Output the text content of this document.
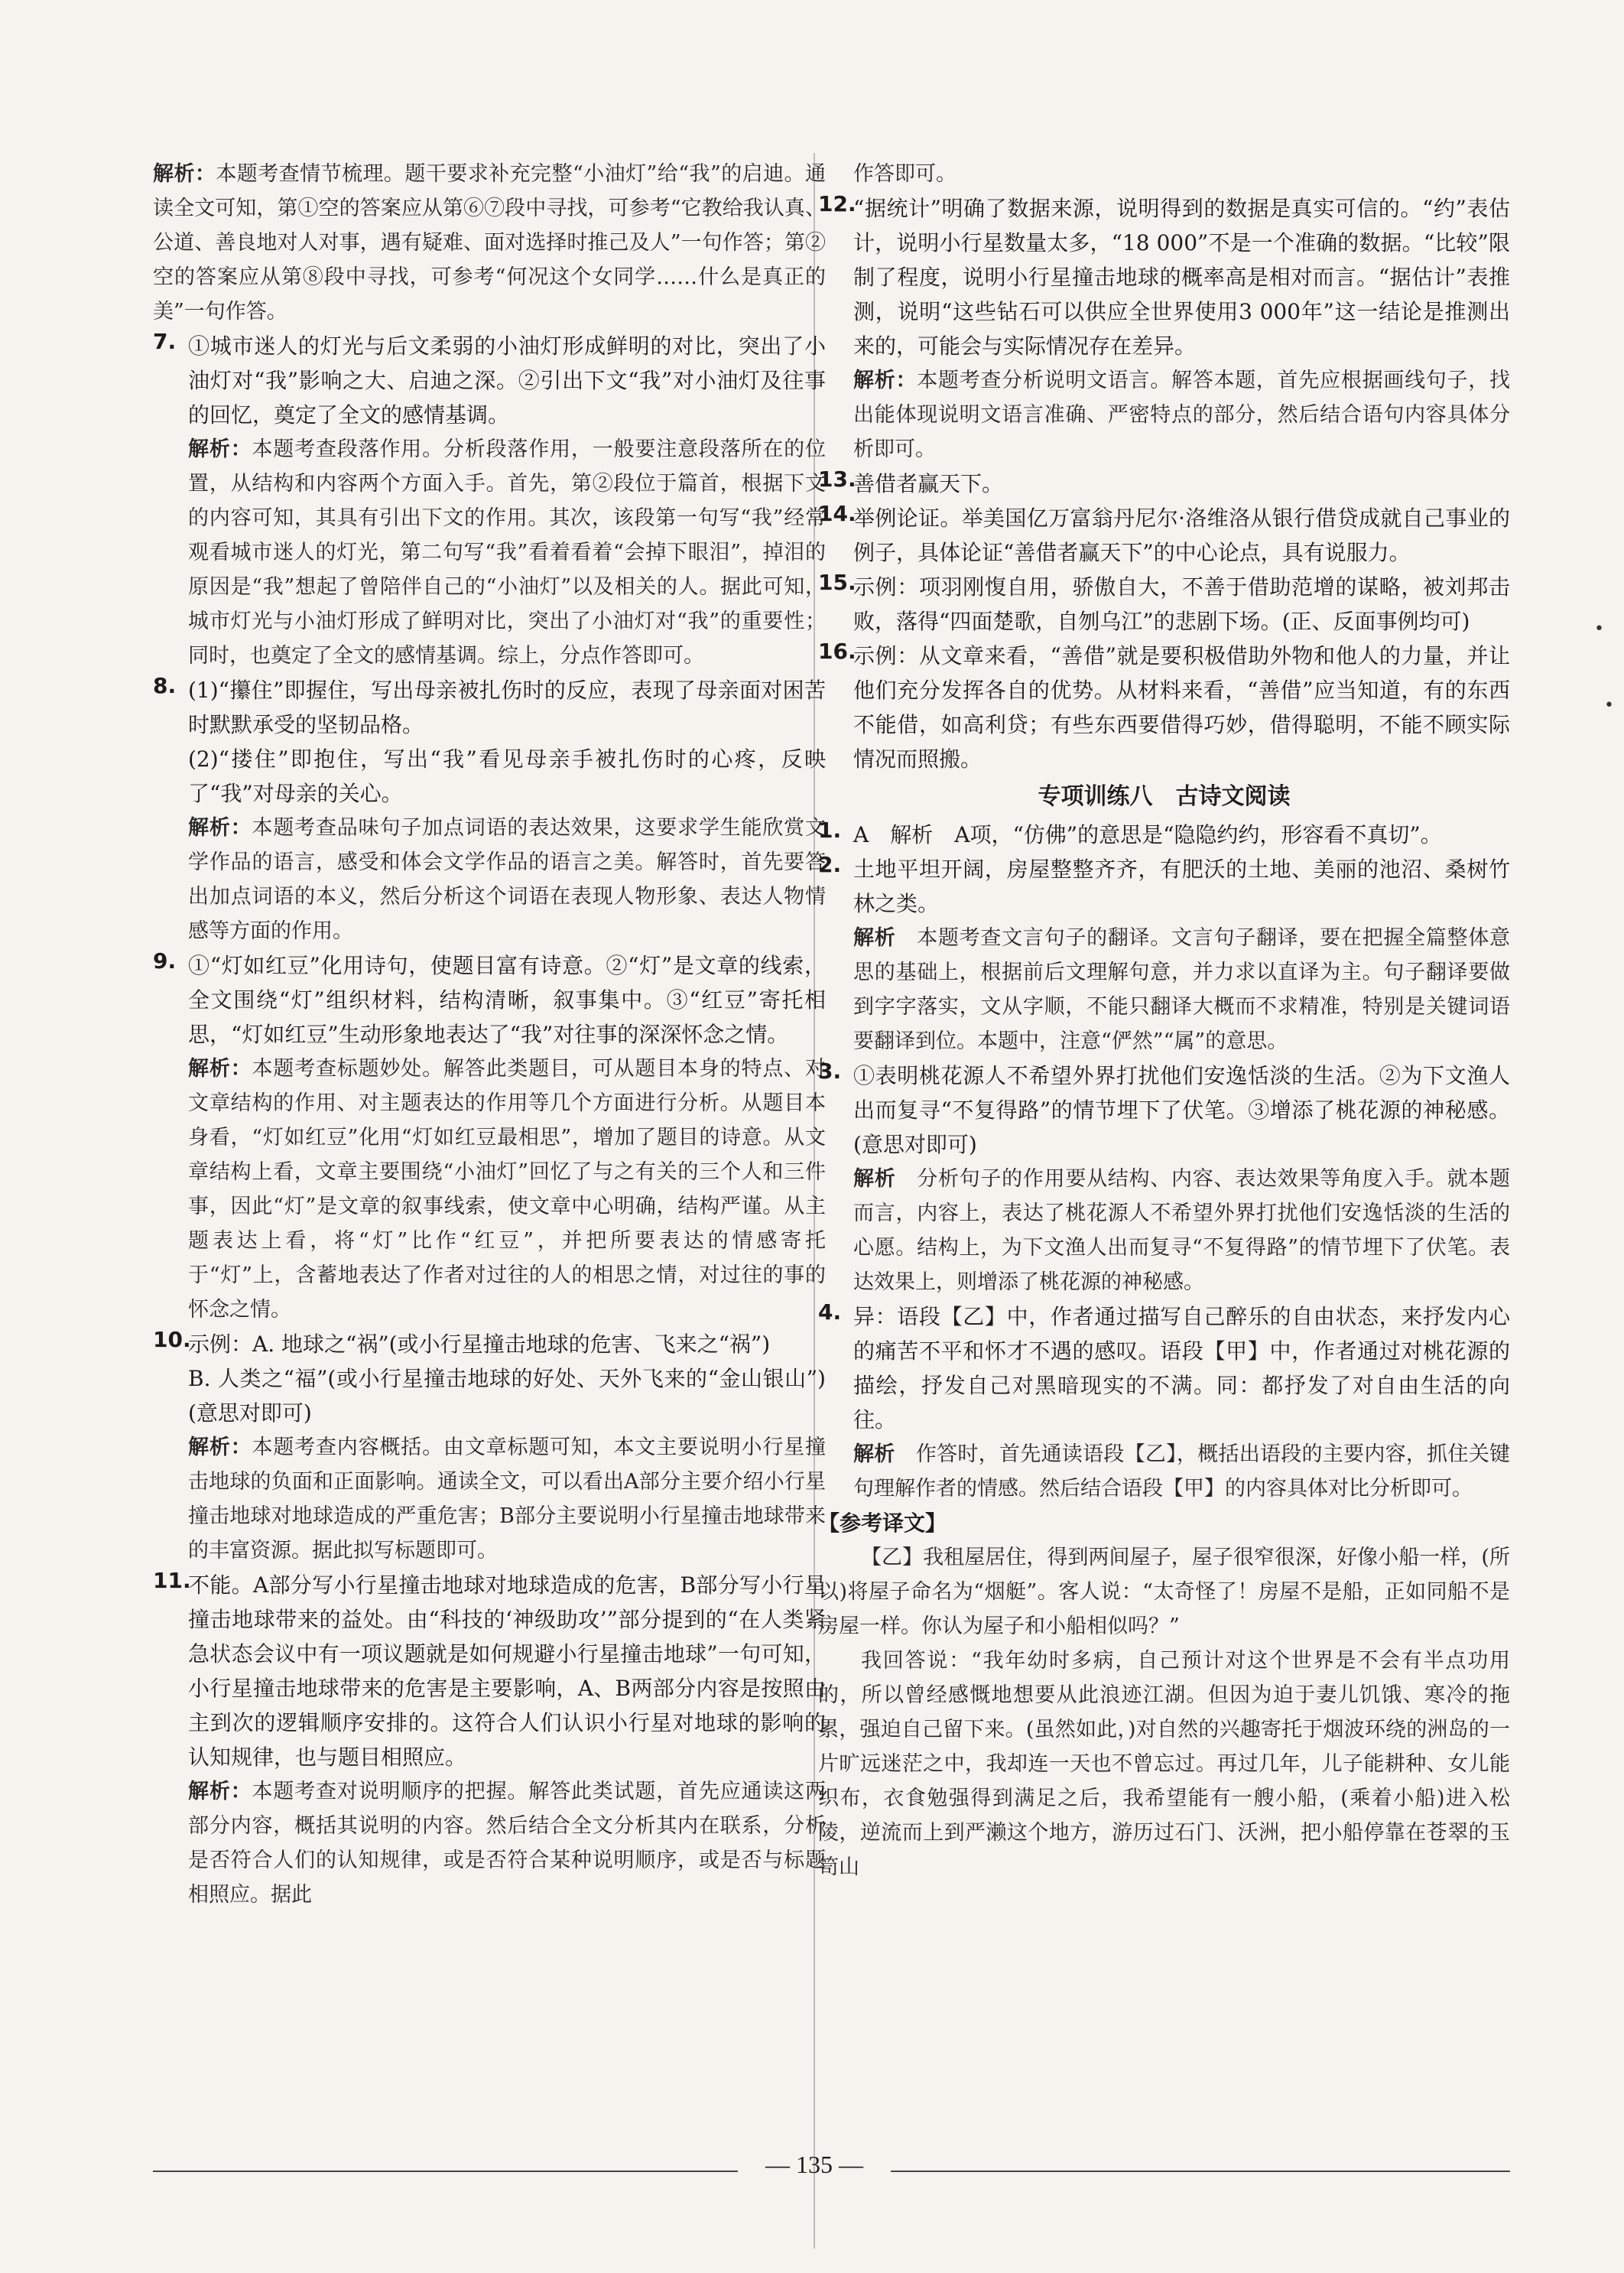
解析：本题考查情节梳理。题干要求补充完整“小油灯”给“我”的启迪。通读全文可知，第①空的答案应从第⑥⑦段中寻找，可参考“它教给我认真、公道、善良地对人对事，遇有疑难、面对选择时推己及人”一句作答；第②空的答案应从第⑧段中寻找，可参考“何况这个女同学……什么是真正的美”一句作答。

7. ①城市迷人的灯光与后文柔弱的小油灯形成鲜明的对比，突出了小油灯对“我”影响之大、启迪之深。②引出下文“我”对小油灯及往事的回忆，奠定了全文的感情基调。

解析：本题考查段落作用。分析段落作用，一般要注意段落所在的位置，从结构和内容两个方面入手。首先，第②段位于篇首，根据下文的内容可知，其具有引出下文的作用。其次，该段第一句写“我”经常观看城市迷人的灯光，第二句写“我”看着看着“会掉下眼泪”，掉泪的原因是“我”想起了曾陪伴自己的“小油灯”以及相关的人。据此可知，城市灯光与小油灯形成了鲜明对比，突出了小油灯对“我”的重要性；同时，也奠定了全文的感情基调。综上，分点作答即可。

8. (1)“攥住”即握住，写出母亲被扎伤时的反应，表现了母亲面对困苦时默默承受的坚韧品格。

(2)“搂住”即抱住，写出“我”看见母亲手被扎伤时的心疼，反映了“我”对母亲的关心。

解析：本题考查品味句子加点词语的表达效果，这要求学生能欣赏文学作品的语言，感受和体会文学作品的语言之美。解答时，首先要答出加点词语的本义，然后分析这个词语在表现人物形象、表达人物情感等方面的作用。

9. ①“灯如红豆”化用诗句，使题目富有诗意。②“灯”是文章的线索，全文围绕“灯”组织材料，结构清晰，叙事集中。③“红豆”寄托相思，“灯如红豆”生动形象地表达了“我”对往事的深深怀念之情。

解析：本题考查标题妙处。解答此类题目，可从题目本身的特点、对文章结构的作用、对主题表达的作用等几个方面进行分析。从题目本身看，“灯如红豆”化用“灯如红豆最相思”，增加了题目的诗意。从文章结构上看，文章主要围绕“小油灯”回忆了与之有关的三个人和三件事，因此“灯”是文章的叙事线索，使文章中心明确，结构严谨。从主题表达上看，将“灯”比作“红豆”，并把所要表达的情感寄托于“灯”上，含蓄地表达了作者对过往的人的相思之情，对过往的事的怀念之情。

10.

示例：A. 地球之“祸”(或小行星撞击地球的危害、飞来之“祸”)

B. 人类之“福”(或小行星撞击地球的好处、天外飞来的“金山银山”)(意思对即可)

解析：本题考查内容概括。由文章标题可知，本文主要说明小行星撞击地球的负面和正面影响。通读全文，可以看出A部分主要介绍小行星撞击地球对地球造成的严重危害；B部分主要说明小行星撞击地球带来的丰富资源。据此拟写标题即可。

11.

不能。A部分写小行星撞击地球对地球造成的危害，B部分写小行星撞击地球带来的益处。由“科技的‘神级助攻’”部分提到的“在人类紧急状态会议中有一项议题就是如何规避小行星撞击地球”一句可知，小行星撞击地球带来的危害是主要影响，A、B两部分内容是按照由主到次的逻辑顺序安排的。这符合人们认识小行星对地球的影响的认知规律，也与题目相照应。

解析：本题考查对说明顺序的把握。解答此类试题，首先应通读这两部分内容，概括其说明的内容。然后结合全文分析其内在联系，分析是否符合人们的认知规律，或是否符合某种说明顺序，或是否与标题相照应。据此

作答即可。

12.

“据统计”明确了数据来源，说明得到的数据是真实可信的。“约”表估计，说明小行星数量太多，“18 000”不是一个准确的数据。“比较”限制了程度，说明小行星撞击地球的概率高是相对而言。“据估计”表推测，说明“这些钻石可以供应全世界使用3 000年”这一结论是推测出来的，可能会与实际情况存在差异。

解析：本题考查分析说明文语言。解答本题，首先应根据画线句子，找出能体现说明文语言准确、严密特点的部分，然后结合语句内容具体分析即可。

13.

善借者赢天下。

14.

举例论证。举美国亿万富翁丹尼尔·洛维洛从银行借贷成就自己事业的例子，具体论证“善借者赢天下”的中心论点，具有说服力。

15.

示例：项羽刚愎自用，骄傲自大，不善于借助范增的谋略，被刘邦击败，落得“四面楚歌，自刎乌江”的悲剧下场。(正、反面事例均可)

16.

示例：从文章来看，“善借”就是要积极借助外物和他人的力量，并让他们充分发挥各自的优势。从材料来看，“善借”应当知道，有的东西不能借，如高利贷；有些东西要借得巧妙，借得聪明，不能不顾实际情况而照搬。

专项训练八　古诗文阅读

1. A　解析　A项，“仿佛”的意思是“隐隐约约，形容看不真切”。

2. 土地平坦开阔，房屋整整齐齐，有肥沃的土地、美丽的池沼、桑树竹林之类。

解析　本题考查文言句子的翻译。文言句子翻译，要在把握全篇整体意思的基础上，根据前后文理解句意，并力求以直译为主。句子翻译要做到字字落实，文从字顺，不能只翻译大概而不求精准，特别是关键词语要翻译到位。本题中，注意“俨然”“属”的意思。

3. ①表明桃花源人不希望外界打扰他们安逸恬淡的生活。②为下文渔人出而复寻“不复得路”的情节埋下了伏笔。③增添了桃花源的神秘感。(意思对即可)

解析　分析句子的作用要从结构、内容、表达效果等角度入手。就本题而言，内容上，表达了桃花源人不希望外界打扰他们安逸恬淡的生活的心愿。结构上，为下文渔人出而复寻“不复得路”的情节埋下了伏笔。表达效果上，则增添了桃花源的神秘感。

4. 异：语段【乙】中，作者通过描写自己醉乐的自由状态，来抒发内心的痛苦不平和怀才不遇的感叹。语段【甲】中，作者通过对桃花源的描绘，抒发自己对黑暗现实的不满。同：都抒发了对自由生活的向往。

解析　作答时，首先通读语段【乙】，概括出语段的主要内容，抓住关键句理解作者的情感。然后结合语段【甲】的内容具体对比分析即可。

【参考译文】

【乙】我租屋居住，得到两间屋子，屋子很窄很深，好像小船一样，(所以)将屋子命名为“烟艇”。客人说：“太奇怪了！房屋不是船，正如同船不是房屋一样。你认为屋子和小船相似吗？”

我回答说：“我年幼时多病，自己预计对这个世界是不会有半点功用的，所以曾经感慨地想要从此浪迹江湖。但因为迫于妻儿饥饿、寒冷的拖累，强迫自己留下来。(虽然如此，)对自然的兴趣寄托于烟波环绕的洲岛的一片旷远迷茫之中，我却连一天也不曾忘过。再过几年，儿子能耕种、女儿能织布，衣食勉强得到满足之后，我希望能有一艘小船，(乘着小船)进入松陵，逆流而上到严濑这个地方，游历过石门、沃洲，把小船停靠在苍翠的玉笥山

— 135 —
•
•
